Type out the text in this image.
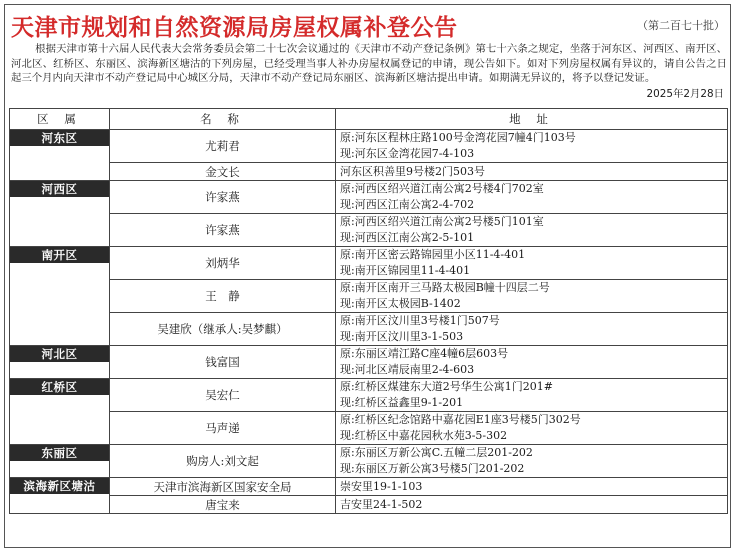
天津市规划和自然资源局房屋权属补登公告	（第二百七十批）
根据天津市第十六届人民代表大会常务委员会第二十七次会议通过的《天津市不动产登记条例》第七十六条之规定，坐落于河东区、河西区、南开区、河北区、红桥区、东丽区、滨海新区塘沽的下列房屋，已经受理当事人补办房屋权属登记的申请，现公告如下。如对下列房屋权属有异议的，请自公告之日起三个月内向天津市不动产登记局中心城区分局，天津市不动产登记局东丽区、滨海新区塘沽提出申请。如期满无异议的，将予以登记发证。
2025年2月28日
区 属	名 称	地 址

河东区	尤莉君	原:河东区程林庄路100号金湾花园7幢4门103号
现:河东区金湾花园7-4-103

	金文长	河东区积善里9号楼2门503号

河西区	许家燕	原:河西区绍兴道江南公寓2号楼4门702室
现:河西区江南公寓2-4-702

	许家燕	原:河西区绍兴道江南公寓2号楼5门101室
现:河西区江南公寓2-5-101

南开区	刘炳华	原:南开区密云路锦园里小区11-4-401
现:南开区锦园里11-4-401

	王　静	原:南开区南开三马路太极园B幢十四层二号
现:南开区太极园B-1402

	吴建欣（继承人:吴梦麒）	原:南开区汶川里3号楼1门507号
现:南开区汶川里3-1-503

河北区	钱富国	原:东丽区靖江路C座4幢6层603号
现:河北区靖辰南里2-4-603

红桥区	吴宏仁	原:红桥区煤建东大道2号华生公寓1门201#
现:红桥区益鑫里9-1-201

	马声递	原:红桥区纪念馆路中嘉花园E1座3号楼5门302号
现:红桥区中嘉花园秋水苑3-5-302

东丽区	购房人:刘文起	原:东丽区万新公寓C.五幢二层201-202
现:东丽区万新公寓3号楼5门201-202

滨海新区塘沽	天津市滨海新区国家安全局	崇安里19-1-103

	唐宝来	吉安里24-1-502
